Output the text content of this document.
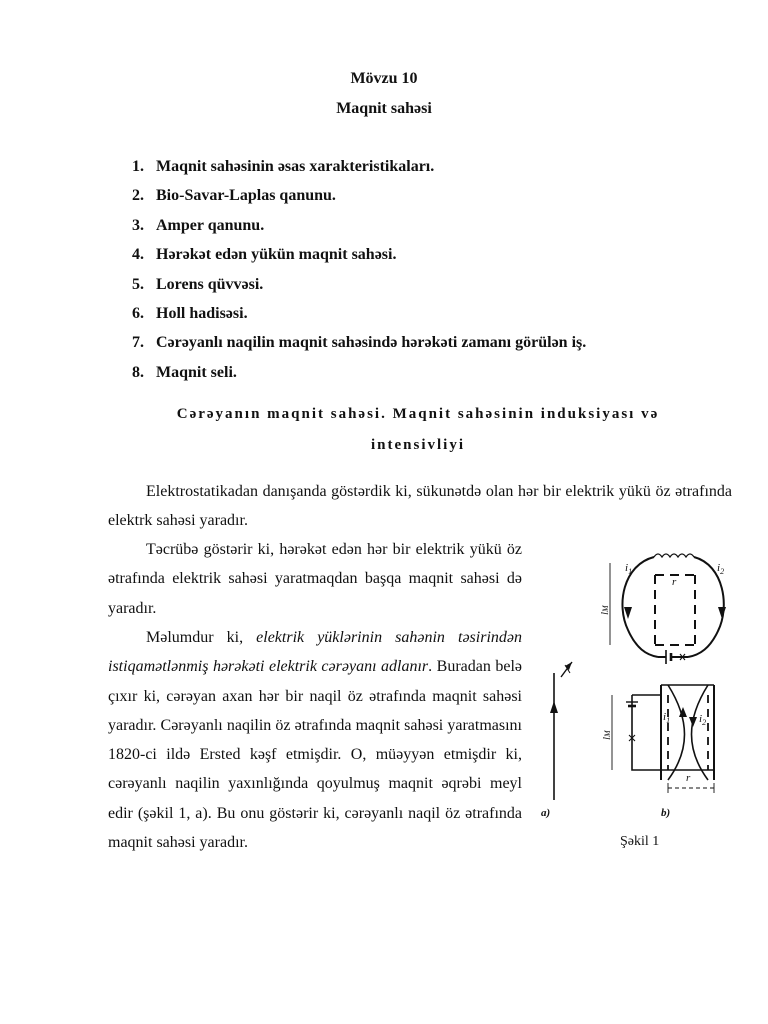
Mövzu 10
Maqnit sahəsi
1. Maqnit sahəsinin əsas xarakteristikaları.
2. Bio-Savar-Laplas qanunu.
3. Amper qanunu.
4. Hərəkət edən yükün maqnit sahəsi.
5. Lorens qüvvəsi.
6. Holl hadisəsi.
7. Cərəyanlı naqilin maqnit sahəsində hərəkəti zamanı görülən iş.
8. Maqnit seli.
Cərəyanın maqnit sahəsi. Maqnit sahəsinin induksiyası və
intensivliyi
Elektrostatikadan danışanda göstərdik ki, sükunətdə olan hər bir elektrik yükü öz ətrafında elektrk sahəsi yaradır.
Təcrübə göstərir ki, hərəkət edən hər bir elektrik yükü öz ətrafında elektrik sahəsi yaratmaqdan başqa maqnit sahəsi də yaradır.
Məlumdur ki, elektrik yüklərinin sahənin təsirindən istiqamətlənmiş hərəkəti elektrik cərəyanı adlanır. Buradan belə çıxır ki, cərəyan axan hər bir naqil öz ətrafında maqnit sahəsi yaradır. Cərəyanlı naqilin öz ətrafında maqnit sahəsi yaratmasını 1820-ci ildə Ersted kəşf etmişdir. O, müəyyən etmişdir ki, cərəyanlı naqilin yaxınlığında qoyulmuş maqnit əqrəbi meyl edir (şəkil 1, a). Bu onu göstərir ki, cərəyanlı naqil öz ətrafında maqnit sahəsi yaradır.
$i_1$	$i_2$
r
lM
$i_1$	$i_2$
r
lM
a)	b)
Şəkil 1
